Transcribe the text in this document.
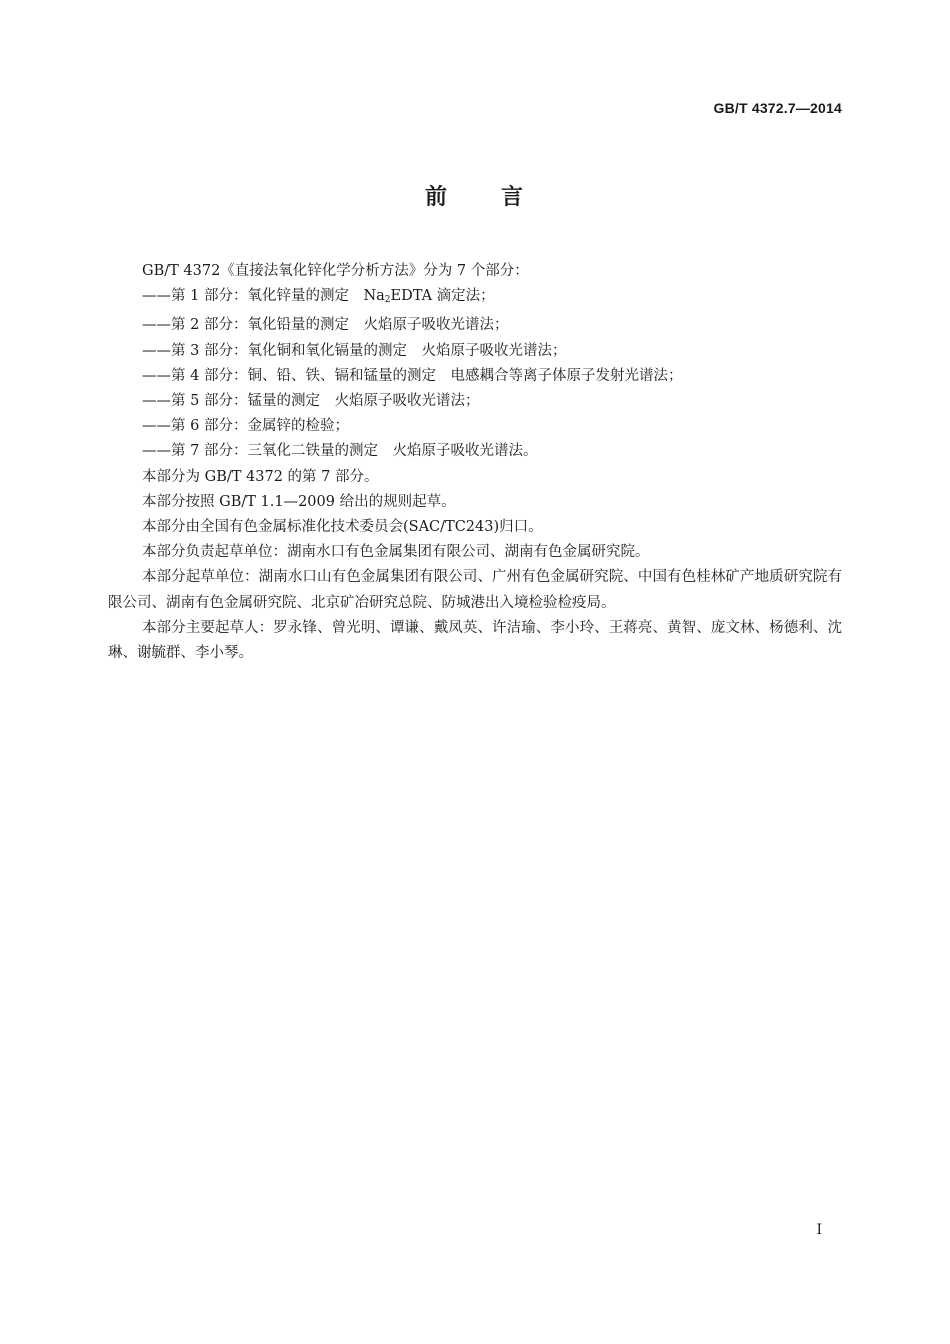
GB/T 4372.7—2014
前 言

GB/T 4372《直接法氧化锌化学分析方法》分为 7 个部分：

——第 1 部分：氧化锌量的测定　$Na_2EDTA$ 滴定法；

——第 2 部分：氧化铅量的测定　火焰原子吸收光谱法；

——第 3 部分：氧化铜和氧化镉量的测定　火焰原子吸收光谱法；

——第 4 部分：铜、铅、铁、镉和锰量的测定　电感耦合等离子体原子发射光谱法；

——第 5 部分：锰量的测定　火焰原子吸收光谱法；

——第 6 部分：金属锌的检验；

——第 7 部分：三氧化二铁量的测定　火焰原子吸收光谱法。

本部分为 GB/T 4372 的第 7 部分。

本部分按照 GB/T 1.1—2009 给出的规则起草。

本部分由全国有色金属标准化技术委员会(SAC/TC243)归口。

本部分负责起草单位：湖南水口有色金属集团有限公司、湖南有色金属研究院。

本部分起草单位：湖南水口山有色金属集团有限公司、广州有色金属研究院、中国有色桂林矿产地质研究院有限公司、湖南有色金属研究院、北京矿冶研究总院、防城港出入境检验检疫局。

本部分主要起草人：罗永锋、曾光明、谭谦、戴凤英、许洁瑜、李小玲、王蒋亮、黄智、庞文林、杨德利、沈琳、谢毓群、李小琴。

I
